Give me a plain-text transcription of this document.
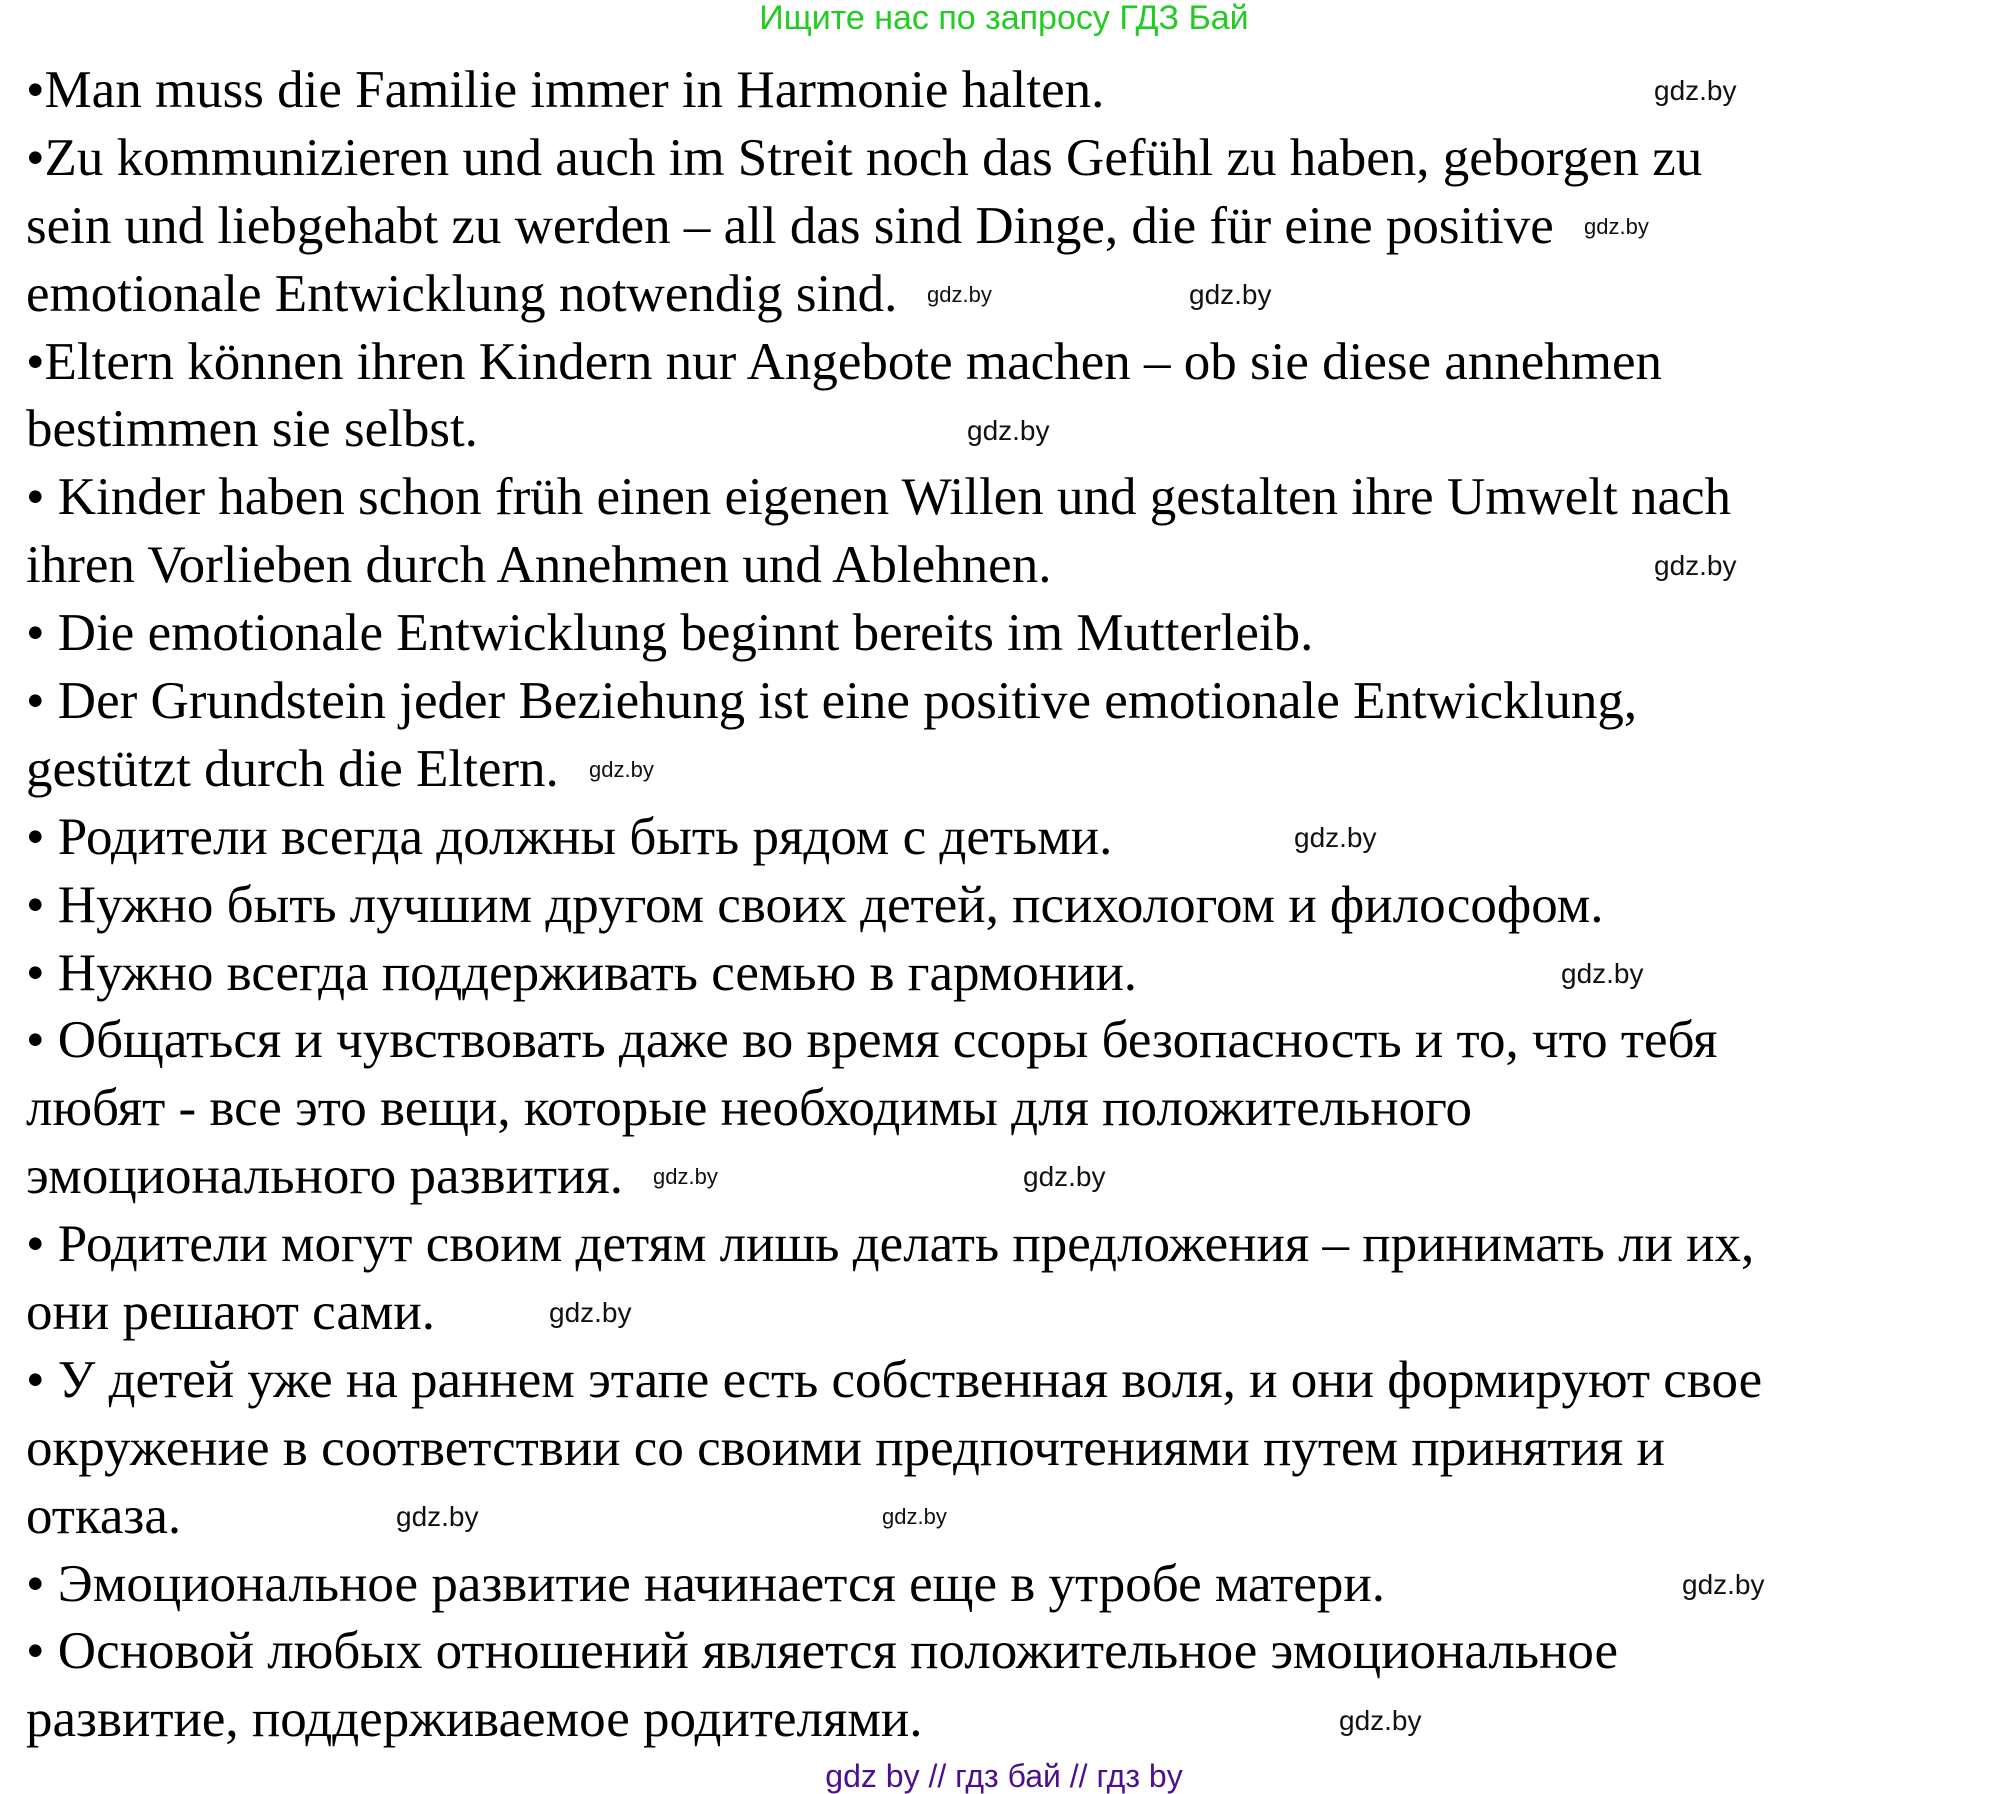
Ищите нас по запросу ГДЗ Бай
•Man muss die Familie immer in Harmonie halten.
•Zu kommunizieren und auch im Streit noch das Gefühl zu haben, geborgen zu
sein und liebgehabt zu werden – all das sind Dinge, die für eine positive
emotionale Entwicklung notwendig sind.
•Eltern können ihren Kindern nur Angebote machen – ob sie diese annehmen
bestimmen sie selbst.
• Kinder haben schon früh einen eigenen Willen und gestalten ihre Umwelt nach
ihren Vorlieben durch Annehmen und Ablehnen.
• Die emotionale Entwicklung beginnt bereits im Mutterleib.
• Der Grundstein jeder Beziehung ist eine positive emotionale Entwicklung,
gestützt durch die Eltern.
• Родители всегда должны быть рядом с детьми.
• Нужно быть лучшим другом своих детей, психологом и философом.
• Нужно всегда поддерживать семью в гармонии.
• Общаться и чувствовать даже во время ссоры безопасность и то, что тебя
любят - все это вещи, которые необходимы для положительного
эмоционального развития.
• Родители могут своим детям лишь делать предложения – принимать ли их,
они решают сами.
• У детей уже на раннем этапе есть собственная воля, и они формируют свое
окружение в соответствии со своими предпочтениями путем принятия и
отказа.
• Эмоциональное развитие начинается еще в утробе матери.
• Основой любых отношений является положительное эмоциональное
развитие, поддерживаемое родителями.
gdz.by
gdz.by
gdz.by	gdz.by
gdz.by
gdz.by
gdz.by
gdz.by
gdz.by
gdz.by	gdz.by
gdz.by
gdz.by
gdz.by
gdz.by
gdz.by
gdz by // гдз бай // гдз by
